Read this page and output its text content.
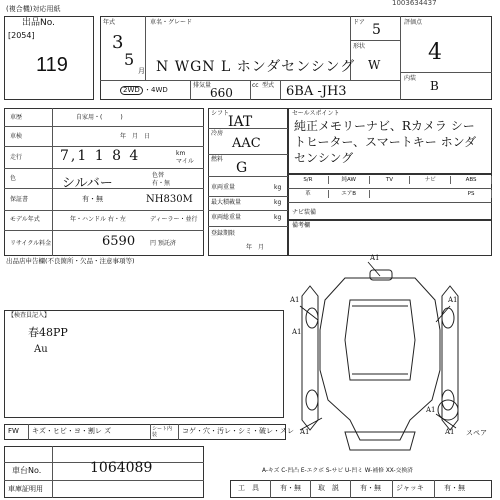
(複合機)対応用紙
1003634437
出品No.
[2054]
119
年式
3
5
月
車名・グレード
N WGN L ホンダセンシング
ドア 5
形状
W
評価点
4
内装
B
2WD ・4WD
排気量
660
cc 型式 6BA -JH3
車歴	自家用・(　　　)
車検	年　月　日
走行	7,1 1 8 4	km
マイル
色	シルバー
色替
有・無
保証書	有・無
モデル年式	年・ハンドル 右・左	ディーラー・並行
リサイクル料金	6590 円 預託済
NH830M
シフト
IAT
冷房
AAC
燃料
G
車両重量	kg
最大積載量	kg
車両総重量	kg
登録期限
年　月
セールスポイント
純正メモリーナビ、Rカメラ シートヒーター、スマートキー ホンダセンシング
S/R	純AW	TV	ナビ	ABS
革	エアB	PS
ナビ装備
備考欄
出品店申告欄(不良箇所・欠品・注意事項等)
【検査員記入】
春48PP
Au
A1
A1	A1
A1
A1	A1
A1
スペア
FW キズ・ヒビ・ヨ・割レ ズ	シート内装	コゲ・穴・汚レ・シミ・破レ・スレ
車台No.	1064089
車庫証明用
A-キズ C-凹凸 E-エクボ S-サビ U-凹ミ W-補修 XX-交換済
工　具	有・無 取　説	有・無 ジャッキ	有・無
